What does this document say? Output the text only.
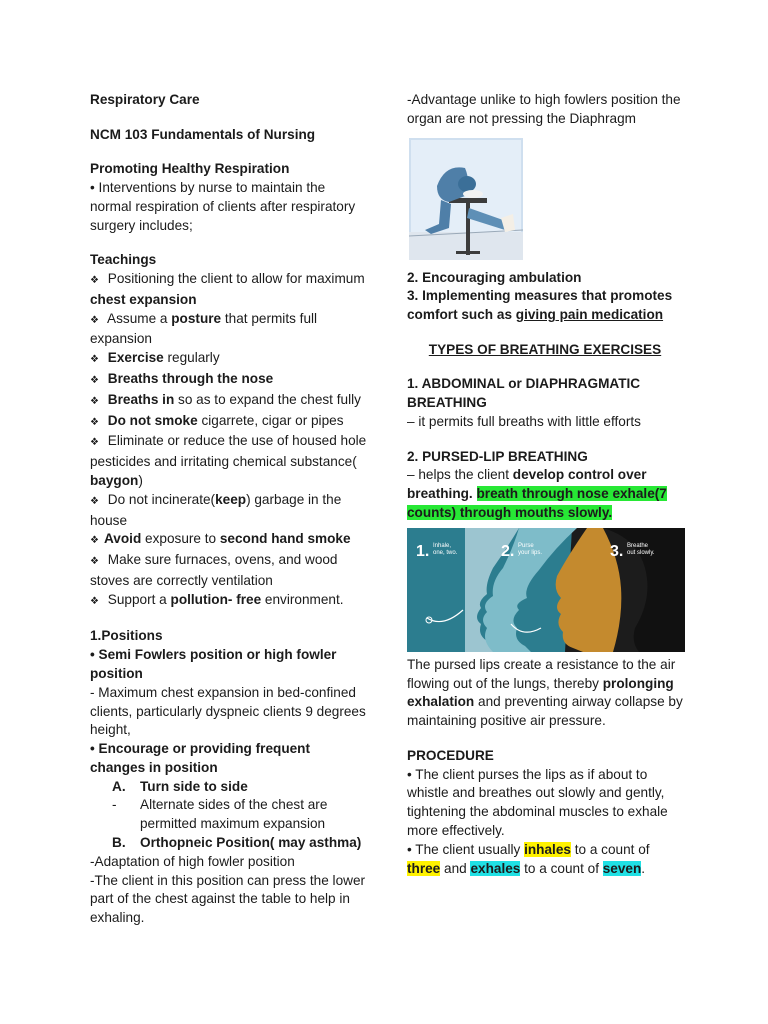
Respiratory Care

NCM 103 Fundamentals of Nursing

Promoting Healthy Respiration

• Interventions by nurse to maintain the normal respiration of clients after respiratory surgery includes;

Teachings

❖ Positioning the client to allow for maximum chest expansion

❖ Assume a posture that permits full expansion

❖ Exercise regularly

❖ Breaths through the nose

❖ Breaths in so as to expand the chest fully

❖ Do not smoke cigarrete, cigar or pipes

❖ Eliminate or reduce the use of housed hole pesticides and irritating chemical substance( baygon)

❖ Do not incinerate(keep) garbage in the house

❖ Avoid exposure to second hand smoke

❖ Make sure furnaces, ovens, and wood stoves are correctly ventilation

❖ Support a pollution- free environment.

1.Positions

• Semi Fowlers position or high fowler position

- Maximum chest expansion in bed-confined clients, particularly dyspneic clients 9 degrees height,

• Encourage or providing frequent changes in position

A.	Turn side to side
-	Alternate sides of the chest are permitted maximum expansion
B.	Orthopneic Position( may asthma)

-Adaptation of high fowler position

-The client in this position can press the lower part of the chest against the table to help in exhaling.

-Advantage unlike to high fowlers position the organ are not pressing the Diaphragm

2. Encouraging ambulation

3. Implementing measures that promotes comfort such as giving pain medication

TYPES OF BREATHING EXERCISES

1. ABDOMINAL or DIAPHRAGMATIC BREATHING

– it permits full breaths with little efforts

2. PURSED-LIP BREATHING

– helps the client develop control over breathing. breath through nose exhale(7 counts) through mouths slowly.

1. Inhale,
one, two.	2. Purse
your lips.	3. Breathe
out slowly.

The pursed lips create a resistance to the air flowing out of the lungs, thereby prolonging exhalation and preventing airway collapse by maintaining positive air pressure.

PROCEDURE

• The client purses the lips as if about to whistle and breathes out slowly and gently, tightening the abdominal muscles to exhale more effectively.

• The client usually inhales to a count of three and exhales to a count of seven.
